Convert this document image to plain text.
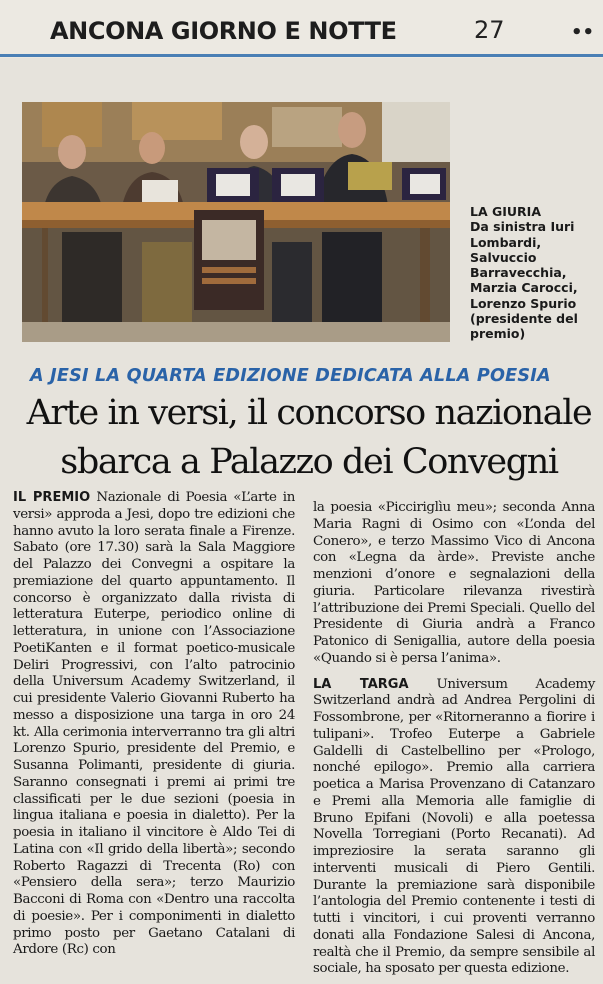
ANCONA GIORNO E NOTTE	27	••
LA GIURIA
Da sinistra Iuri Lombardi, Salvuccio Barravecchia, Marzia Carocci, Lorenzo Spurio (presidente del premio)
A JESI LA QUARTA EDIZIONE DEDICATA ALLA POESIA
Arte in versi, il concorso nazionale
sbarca a Palazzo dei Convegni

IL PREMIO Nazionale di Poesia «L’arte in versi» approda a Jesi, dopo tre edizioni che hanno avuto la loro serata finale a Firenze. Sabato (ore 17.30) sarà la Sala Maggiore del Palazzo dei Convegni a ospitare la premiazione del quarto appuntamento. Il concorso è organizzato dalla rivista di letteratura Euterpe, periodico online di letteratura, in unione con l’Associazione PoetiKanten e il format poetico-musicale Deliri Progressivi, con l’alto patrocinio della Universum Academy Switzerland, il cui presidente Valerio Giovanni Ruberto ha messo a disposizione una targa in oro 24 kt. Alla cerimonia interverranno tra gli altri Lorenzo Spurio, presidente del Premio, e Susanna Polimanti, presidente di giuria. Saranno consegnati i premi ai primi tre classificati per le due sezioni (poesia in lingua italiana e poesia in dialetto). Per la poesia in italiano il vincitore è Aldo Tei di Latina con «Il grido della libertà»; secondo Roberto Ragazzi di Trecenta (Ro) con «Pensiero della sera»; terzo Maurizio Bacconi di Roma con «Dentro una raccolta di poesie». Per i componimenti in dialetto primo posto per Gaetano Catalani di Ardore (Rc) con

la poesia «Picciriglìu meu»; seconda Anna Maria Ragni di Osimo con «L’onda del Conero», e terzo Massimo Vico di Ancona con «Legna da àrde». Previste anche menzioni d’onore e segnalazioni della giuria. Particolare rilevanza rivestirà l’attribuzione dei Premi Speciali. Quello del Presidente di Giuria andrà a Franco Patonico di Senigallia, autore della poesia «Quando si è persa l’anima».

LA TARGA Universum Academy Switzerland andrà ad Andrea Pergolini di Fossombrone, per «Ritorneranno a fiorire i tulipani». Trofeo Euterpe a Gabriele Galdelli di Castelbellino per «Prologo, nonché epilogo». Premio alla carriera poetica a Marisa Provenzano di Catanzaro e Premi alla Memoria alle famiglie di Bruno Epifani (Novoli) e alla poetessa Novella Torregiani (Porto Recanati). Ad impreziosire la serata saranno gli interventi musicali di Piero Gentili. Durante la premiazione sarà disponibile l’antologia del Premio contenente i testi di tutti i vincitori, i cui proventi verranno donati alla Fondazione Salesi di Ancona, realtà che il Premio, da sempre sensibile al sociale, ha sposato per questa edizione.
